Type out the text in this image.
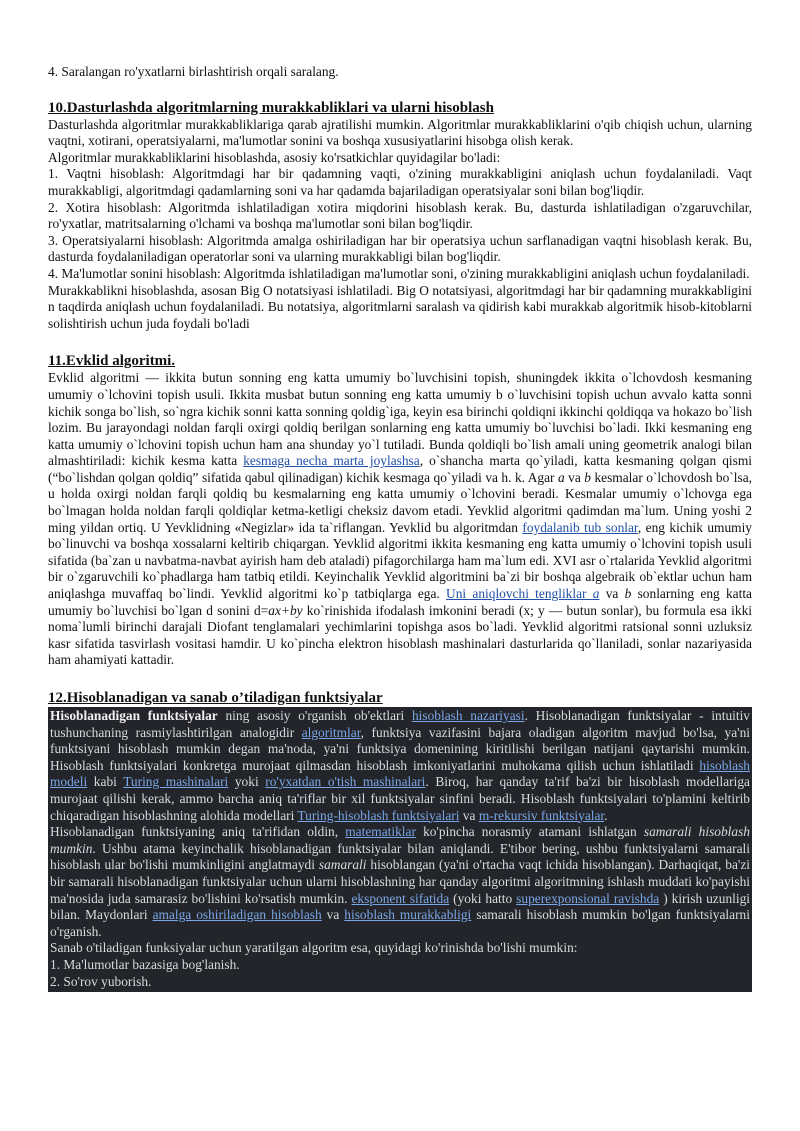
4. Saralangan ro'yxatlarni birlashtirish orqali saralang.

10.Dasturlashda algoritmlarning murakkabliklari va ularni hisoblash

Dasturlashda algoritmlar murakkabliklariga qarab ajratilishi mumkin. Algoritmlar murakkabliklarini o'qib chiqish uchun, ularning vaqtni, xotirani, operatsiyalarni, ma'lumotlar sonini va boshqa xususiyatlarini hisobga olish kerak.

Algoritmlar murakkabliklarini hisoblashda, asosiy ko'rsatkichlar quyidagilar bo'ladi:

1. Vaqtni hisoblash: Algoritmdagi har bir qadamning vaqti, o'zining murakkabligini aniqlash uchun foydalaniladi. Vaqt murakkabligi, algoritmdagi qadamlarning soni va har qadamda bajariladigan operatsiyalar soni bilan bog'liqdir.

2. Xotira hisoblash: Algoritmda ishlatiladigan xotira miqdorini hisoblash kerak. Bu, dasturda ishlatiladigan o'zgaruvchilar, ro'yxatlar, matritsalarning o'lchami va boshqa ma'lumotlar soni bilan bog'liqdir.

3. Operatsiyalarni hisoblash: Algoritmda amalga oshiriladigan har bir operatsiya uchun sarflanadigan vaqtni hisoblash kerak. Bu, dasturda foydalaniladigan operatorlar soni va ularning murakkabligi bilan bog'liqdir.

4. Ma'lumotlar sonini hisoblash: Algoritmda ishlatiladigan ma'lumotlar soni, o'zining murakkabligini aniqlash uchun foydalaniladi.

Murakkablikni hisoblashda, asosan Big O notatsiyasi ishlatiladi. Big O notatsiyasi, algoritmdagi har bir qadamning murakkabligini n taqdirda aniqlash uchun foydalaniladi. Bu notatsiya, algoritmlarni saralash va qidirish kabi murakkab algoritmik hisob-kitoblarni solishtirish uchun juda foydali bo'ladi

11.Evklid algoritmi.

Evklid algoritmi — ikkita butun sonning eng katta umumiy bo`luvchisini topish, shuningdek ikkita o`lchovdosh kesmaning umumiy o`lchovini topish usuli. Ikkita musbat butun sonning eng katta umumiy b o`luvchisini topish uchun avvalo katta sonni kichik songa bo`lish, so`ngra kichik sonni katta sonning qoldig`iga, keyin esa birinchi qoldiqni ikkinchi qoldiqqa va hokazo bo`lish lozim. Bu jarayondagi noldan farqli oxirgi qoldiq berilgan sonlarning eng katta umumiy bo`luvchisi bo`ladi. Ikki kesmaning eng katta umumiy o`lchovini topish uchun ham ana shunday yo`l tutiladi. Bunda qoldiqli bo`lish amali uning geometrik analogi bilan almashtiriladi: kichik kesma katta kesmaga necha marta joylashsa, o`shancha marta qo`yiladi, katta kesmaning qolgan qismi (“bo`lishdan qolgan qoldiq” sifatida qabul qilinadigan) kichik kesmaga qo`yiladi va h. k. Agar a va b kesmalar o`lchovdosh bo`lsa, u holda oxirgi noldan farqli qoldiq bu kesmalarning eng katta umumiy o`lchovini beradi. Kesmalar umumiy o`lchovga ega bo`lmagan holda noldan farqli qoldiqlar ketma-ketligi cheksiz davom etadi. Yevklid algoritmi qadimdan ma`lum. Uning yoshi 2 ming yildan ortiq. U Yevklidning «Negizlar» ida ta`riflangan. Yevklid bu algoritmdan foydalanib tub sonlar, eng kichik umumiy bo`linuvchi va boshqa xossalarni keltirib chiqargan. Yevklid algoritmi ikkita kesmaning eng katta umumiy o`lchovini topish usuli sifatida (ba`zan u navbatma-navbat ayirish ham deb ataladi) pifagorchilarga ham ma`lum edi. XVI asr o`rtalarida Yevklid algoritmi bir o`zgaruvchili ko`phadlarga ham tatbiq etildi. Keyinchalik Yevklid algoritmini ba`zi bir boshqa algebraik ob`ektlar uchun ham aniqlashga muvaffaq bo`lindi. Yevklid algoritmi ko`p tatbiqlarga ega. Uni aniqlovchi tengliklar a va b sonlarning eng katta umumiy bo`luvchisi bo`lgan d sonini d=ax+by ko`rinishida ifodalash imkonini beradi (x; y — butun sonlar), bu formula esa ikki noma`lumli birinchi darajali Diofant tenglamalari yechimlarini topishga asos bo`ladi. Yevklid algoritmi ratsional sonni uzluksiz kasr sifatida tasvirlash vositasi hamdir. U ko`pincha elektron hisoblash mashinalari dasturlarida qo`llaniladi, sonlar nazariyasida ham ahamiyati kattadir.

12.Hisoblanadigan va sanab o’tiladigan funktsiyalar

Hisoblanadigan funktsiyalar ning asosiy o'rganish ob'ektlari hisoblash nazariyasi. Hisoblanadigan funktsiyalar - intuitiv tushunchaning rasmiylashtirilgan analogidir algoritmlar, funktsiya vazifasini bajara oladigan algoritm mavjud bo'lsa, ya'ni funktsiyani hisoblash mumkin degan ma'noda, ya'ni funktsiya domenining kiritilishi berilgan natijani qaytarishi mumkin. Hisoblash funktsiyalari konkretga murojaat qilmasdan hisoblash imkoniyatlarini muhokama qilish uchun ishlatiladi hisoblash modeli kabi Turing mashinalari yoki ro'yxatdan o'tish mashinalari. Biroq, har qanday ta'rif ba'zi bir hisoblash modellariga murojaat qilishi kerak, ammo barcha aniq ta'riflar bir xil funktsiyalar sinfini beradi. Hisoblash funktsiyalari to'plamini keltirib chiqaradigan hisoblashning alohida modellari Turing-hisoblash funktsiyalari va m-rekursiv funktsiyalar.

Hisoblanadigan funktsiyaning aniq ta'rifidan oldin, matematiklar ko'pincha norasmiy atamani ishlatgan samarali hisoblash mumkin. Ushbu atama keyinchalik hisoblanadigan funktsiyalar bilan aniqlandi. E'tibor bering, ushbu funktsiyalarni samarali hisoblash ular bo'lishi mumkinligini anglatmaydi samarali hisoblangan (ya'ni o'rtacha vaqt ichida hisoblangan). Darhaqiqat, ba'zi bir samarali hisoblanadigan funktsiyalar uchun ularni hisoblashning har qanday algoritmi algoritmning ishlash muddati ko'payishi ma'nosida juda samarasiz bo'lishini ko'rsatish mumkin. eksponent sifatida (yoki hatto superexponsional ravishda ) kirish uzunligi bilan. Maydonlari amalga oshiriladigan hisoblash va hisoblash murakkabligi samarali hisoblash mumkin bo'lgan funktsiyalarni o'rganish.

Sanab o'tiladigan funksiyalar uchun yaratilgan algoritm esa, quyidagi ko'rinishda bo'lishi mumkin:

1. Ma'lumotlar bazasiga bog'lanish.

2. So'rov yuborish.
